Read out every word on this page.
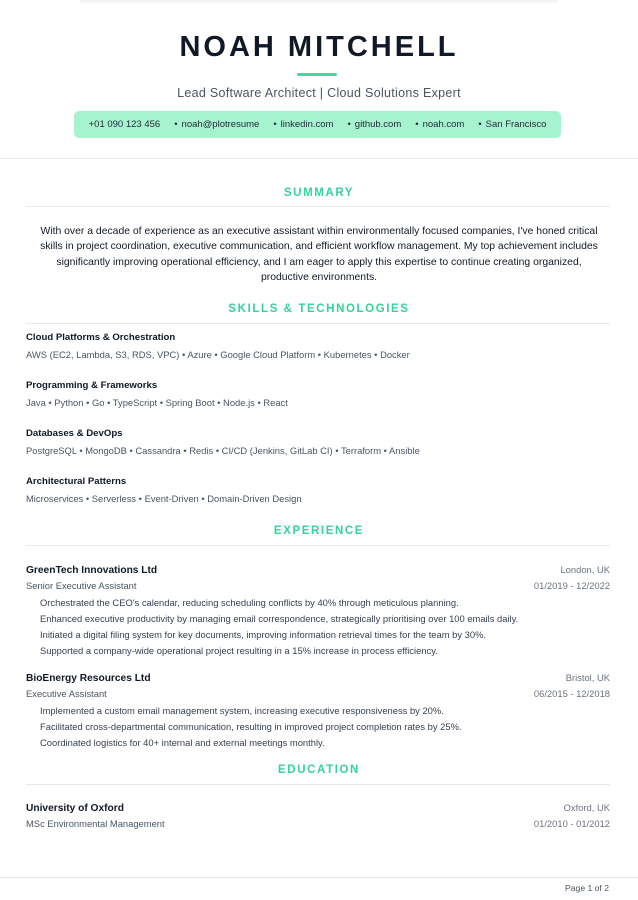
NOAH MITCHELL
Lead Software Architect | Cloud Solutions Expert
+01 090 123 456 • noah@plotresume • linkedin.com • github.com • noah.com • San Francisco
SUMMARY

With over a decade of experience as an executive assistant within environmentally focused companies, I've honed critical skills in project coordination, executive communication, and efficient workflow management. My top achievement includes significantly improving operational efficiency, and I am eager to apply this expertise to continue creating organized, productive environments.

SKILLS & TECHNOLOGIES
Cloud Platforms & Orchestration
AWS (EC2, Lambda, S3, RDS, VPC) • Azure • Google Cloud Platform • Kubernetes • Docker
Programming & Frameworks
Java • Python • Go • TypeScript • Spring Boot • Node.js • React
Databases & DevOps
PostgreSQL • MongoDB • Cassandra • Redis • CI/CD (Jenkins, GitLab CI) • Terraform • Ansible
Architectural Patterns
Microservices • Serverless • Event-Driven • Domain-Driven Design
EXPERIENCE
GreenTech Innovations Ltd	London, UK
Senior Executive Assistant	01/2019 - 12/2022
Orchestrated the CEO's calendar, reducing scheduling conflicts by 40% through meticulous planning.
Enhanced executive productivity by managing email correspondence, strategically prioritising over 100 emails daily.
Initiated a digital filing system for key documents, improving information retrieval times for the team by 30%.
Supported a company-wide operational project resulting in a 15% increase in process efficiency.
BioEnergy Resources Ltd	Bristol, UK
Executive Assistant	06/2015 - 12/2018
Implemented a custom email management system, increasing executive responsiveness by 20%.
Facilitated cross-departmental communication, resulting in improved project completion rates by 25%.
Coordinated logistics for 40+ internal and external meetings monthly.
EDUCATION
University of Oxford	Oxford, UK
MSc Environmental Management	01/2010 - 01/2012
Page 1 of 2
